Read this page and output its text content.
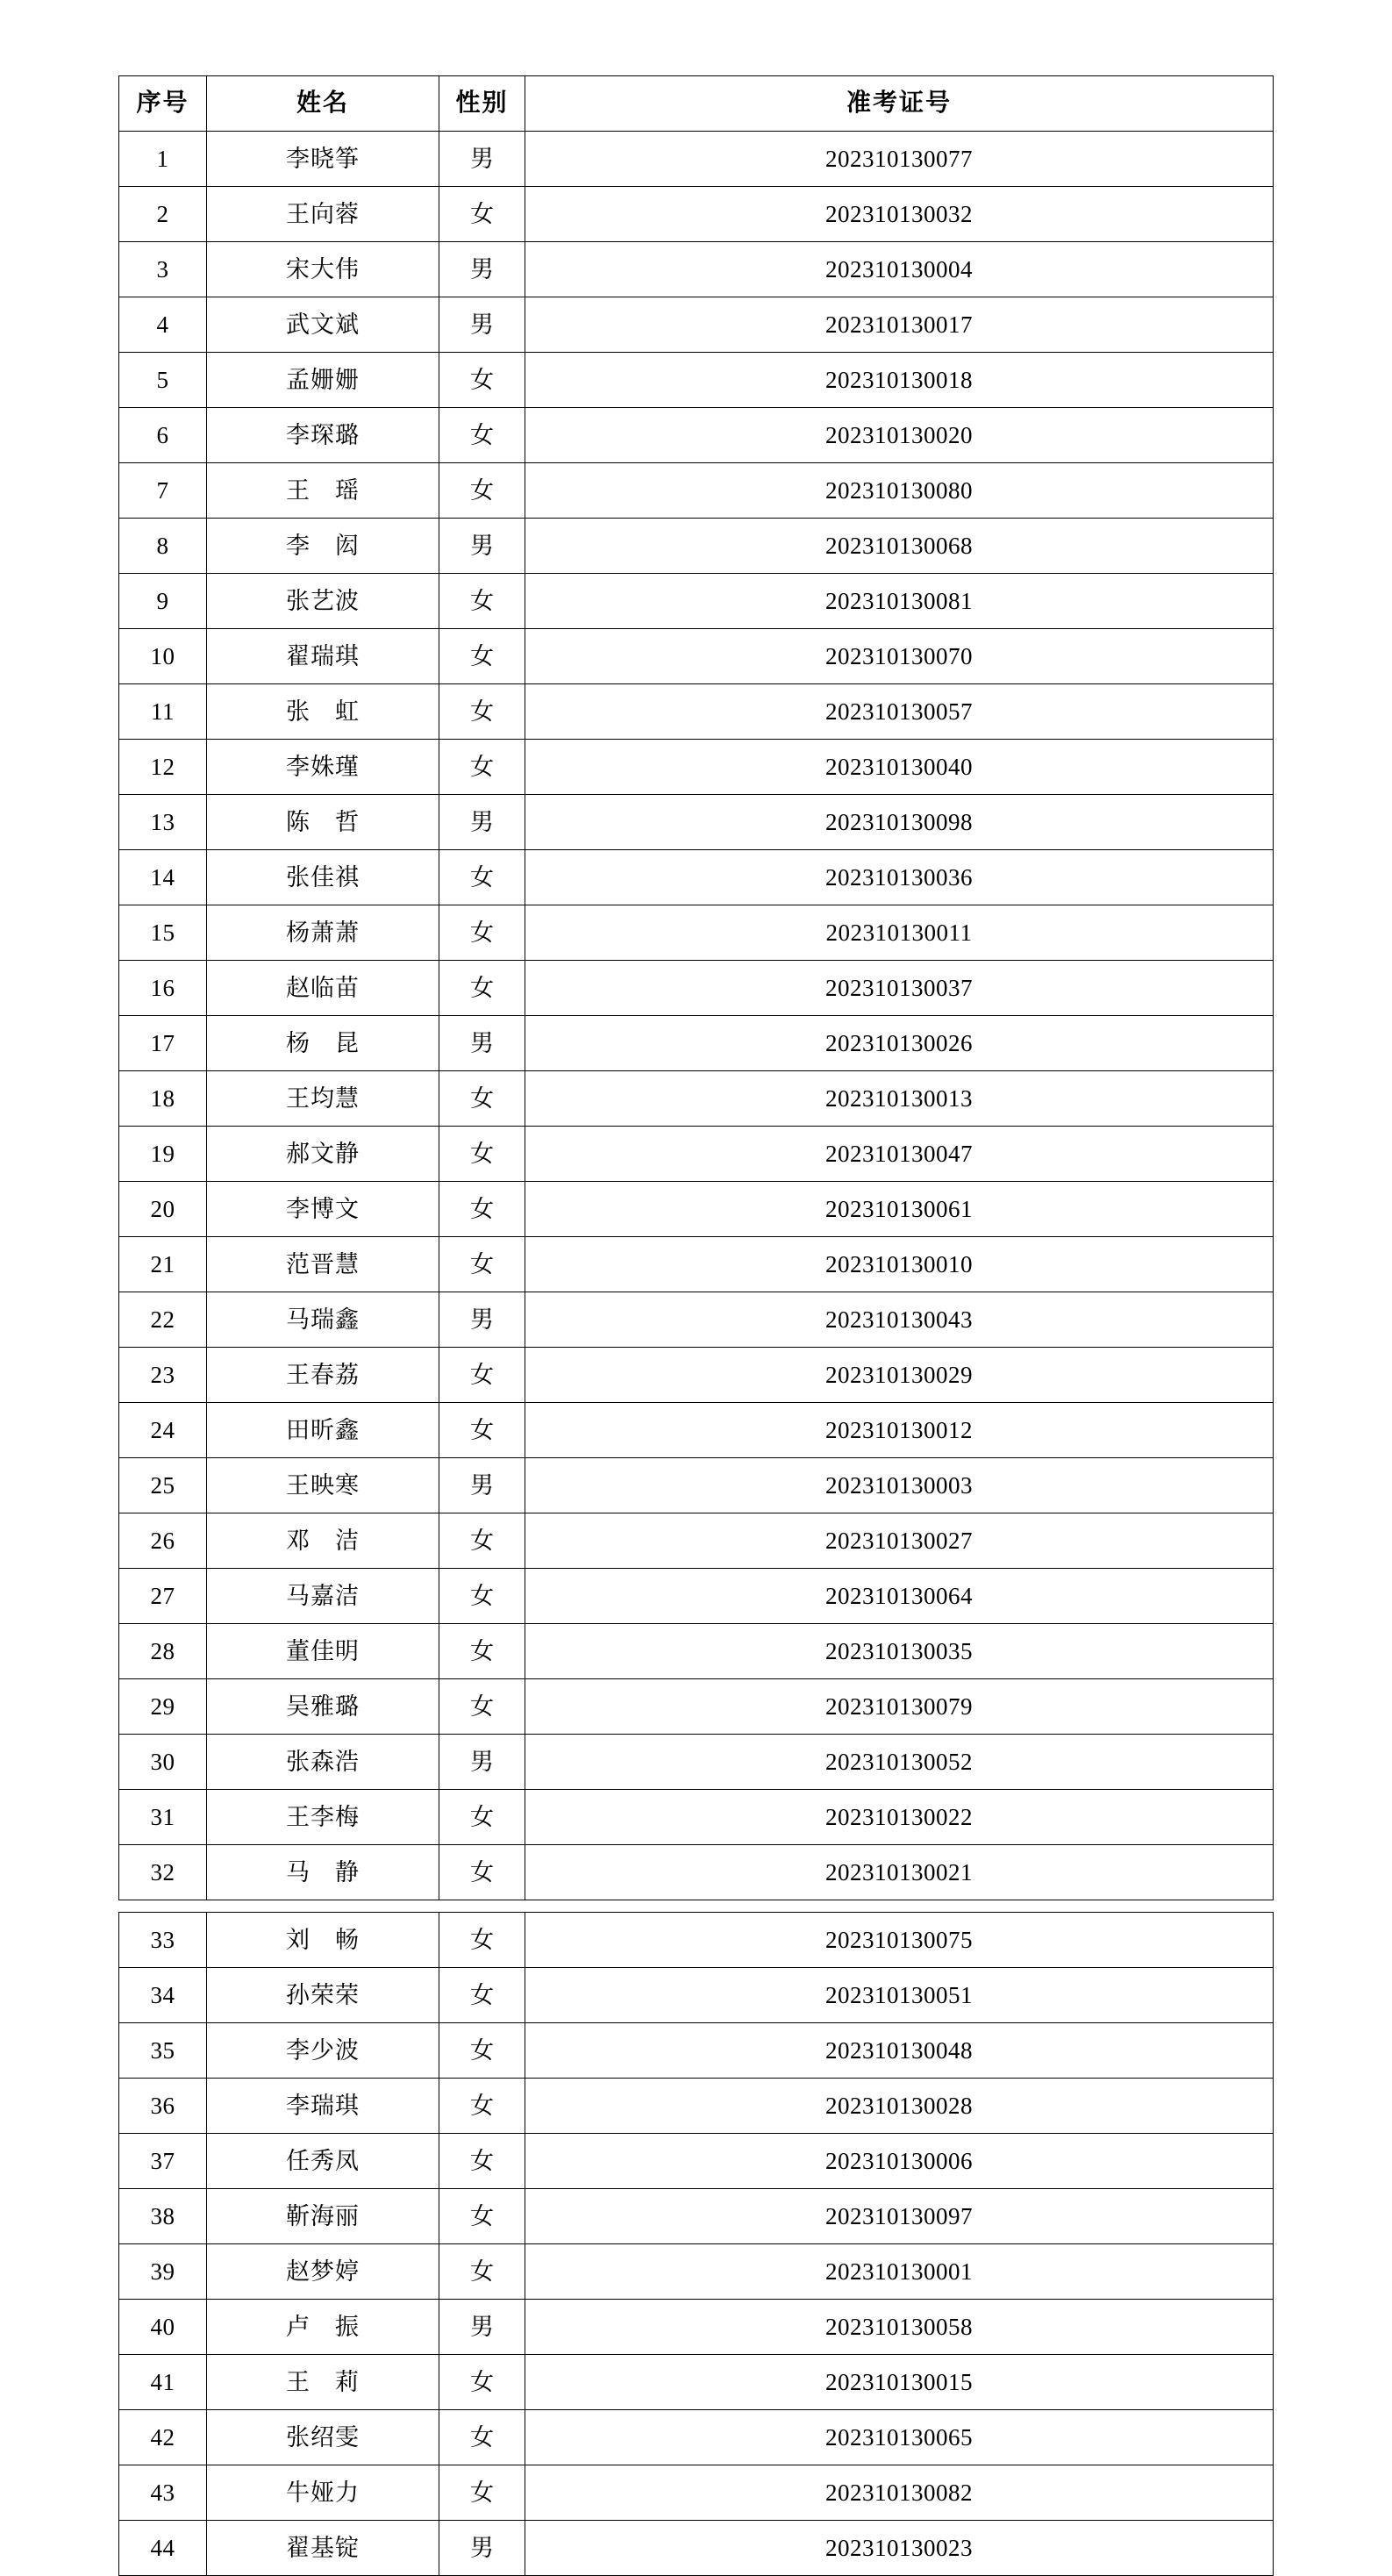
序号	姓名	性别	准考证号
1	李晓筝	男	202310130077
2	王向蓉	女	202310130032
3	宋大伟	男	202310130004
4	武文斌	男	202310130017
5	孟姗姗	女	202310130018
6	李琛璐	女	202310130020
7	王　瑶	女	202310130080
8	李　闳	男	202310130068
9	张艺波	女	202310130081
10	翟瑞琪	女	202310130070
11	张　虹	女	202310130057
12	李姝瑾	女	202310130040
13	陈　哲	男	202310130098
14	张佳祺	女	202310130036
15	杨萧萧	女	202310130011
16	赵临苗	女	202310130037
17	杨　昆	男	202310130026
18	王均慧	女	202310130013
19	郝文静	女	202310130047
20	李博文	女	202310130061
21	范晋慧	女	202310130010
22	马瑞鑫	男	202310130043
23	王春荔	女	202310130029
24	田昕鑫	女	202310130012
25	王映寒	男	202310130003
26	邓　洁	女	202310130027
27	马嘉洁	女	202310130064
28	董佳明	女	202310130035
29	吴雅璐	女	202310130079
30	张森浩	男	202310130052
31	王李梅	女	202310130022
32	马　静	女	202310130021

33	刘　畅	女	202310130075
34	孙荣荣	女	202310130051
35	李少波	女	202310130048
36	李瑞琪	女	202310130028
37	任秀凤	女	202310130006
38	靳海丽	女	202310130097
39	赵梦婷	女	202310130001
40	卢　振	男	202310130058
41	王　莉	女	202310130015
42	张绍雯	女	202310130065
43	牛娅力	女	202310130082
44	翟基锭	男	202310130023
